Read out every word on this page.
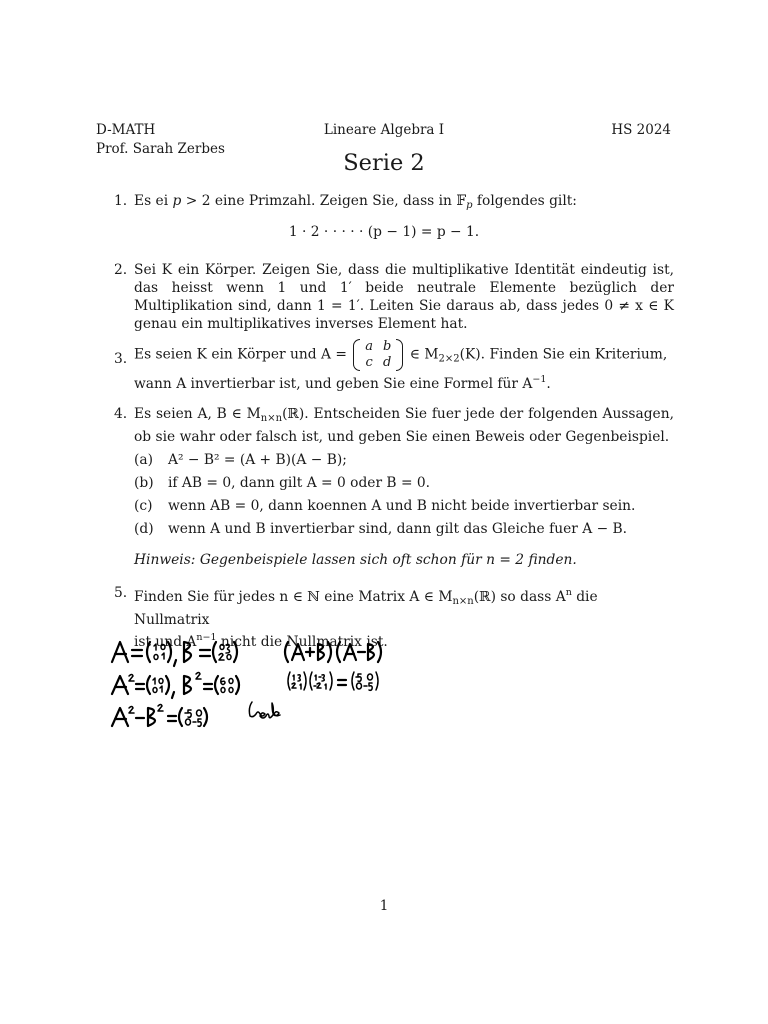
D-MATH	Lineare Algebra I	HS 2024
Prof. Sarah Zerbes
Serie 2
1. Es ei p > 2 eine Primzahl. Zeigen Sie, dass in 𝔽$_p$ folgendes gilt:
1 · 2 · · · · · (p − 1) = p − 1.
2. Sei K ein Körper. Zeigen Sie, dass die multiplikative Identität eindeutig ist, das heisst wenn 1 und 1′ beide neutrale Elemente bezüglich der Multiplikation sind, dann 1 = 1′. Leiten Sie daraus ab, dass jedes 0 ≠ x ∈ K genau ein multiplikatives inverses Element hat.
3. Es seien K ein Körper und A = a	b
c	d ∈ $M_{2\times 2}(K)$. Finden Sie ein Kriterium,
wann A invertierbar ist, und geben Sie eine Formel für $A^{-1}$.
4. Es seien A, B ∈ $M_{n\times n}(ℝ)$. Entscheiden Sie fuer jede der folgenden Aussagen, ob sie wahr oder falsch ist, und geben Sie einen Beweis oder Gegenbeispiel.
(a) A² − B² = (A + B)(A − B);
(b) if AB = 0, dann gilt A = 0 oder B = 0.
(c) wenn AB = 0, dann koennen A und B nicht beide invertierbar sein.
(d) wenn A und B invertierbar sind, dann gilt das Gleiche fuer A − B.
Hinweis: Gegenbeispiele lassen sich oft schon für n = 2 finden.
5. Finden Sie für jedes n ∈ ℕ eine Matrix A ∈ $M_{n\times n}(ℝ)$ so dass $A^n$ die Nullmatrix
ist und $A^{n-1}$ nicht die Nullmatrix ist.
1
